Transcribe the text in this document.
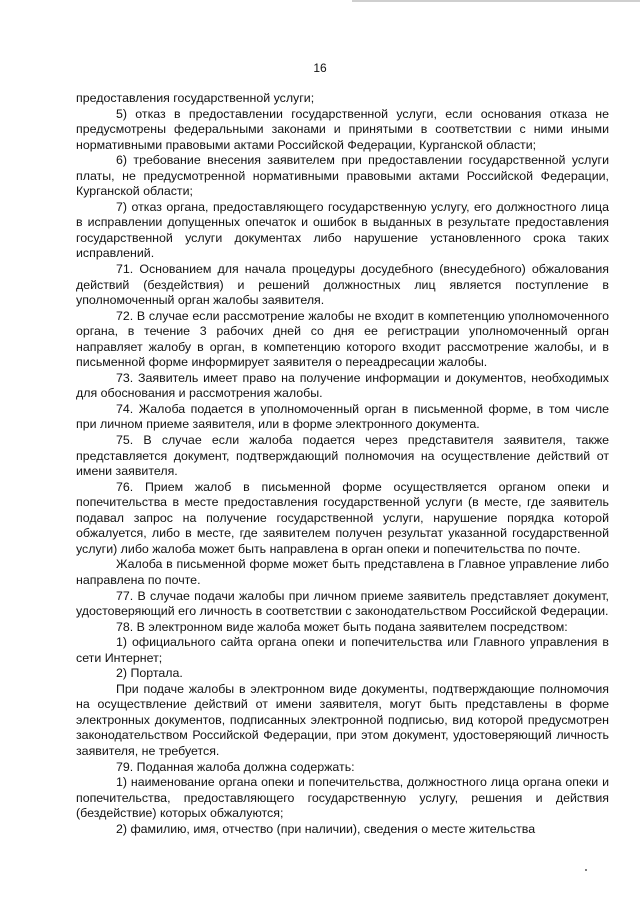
16

предоставления государственной услуги;

5) отказ в предоставлении государственной услуги, если основания отказа не предусмотрены федеральными законами и принятыми в соответствии с ними иными нормативными правовыми актами Российской Федерации, Курганской области;

6) требование внесения заявителем при предоставлении государственной услуги платы, не предусмотренной нормативными правовыми актами Российской Федерации, Курганской области;

7) отказ органа, предоставляющего государственную услугу, его должностного лица в исправлении допущенных опечаток и ошибок в выданных в результате предоставления государственной услуги документах либо нарушение установленного срока таких исправлений.

71. Основанием для начала процедуры досудебного (внесудебного) обжалования действий (бездействия) и решений должностных лиц является поступление в уполномоченный орган жалобы заявителя.

72. В случае если рассмотрение жалобы не входит в компетенцию уполномоченного органа, в течение 3 рабочих дней со дня ее регистрации уполномоченный орган направляет жалобу в орган, в компетенцию которого входит рассмотрение жалобы, и в письменной форме информирует заявителя о переадресации жалобы.

73. Заявитель имеет право на получение информации и документов, необходимых для обоснования и рассмотрения жалобы.

74. Жалоба подается в уполномоченный орган в письменной форме, в том числе при личном приеме заявителя, или в форме электронного документа.

75. В случае если жалоба подается через представителя заявителя, также представляется документ, подтверждающий полномочия на осуществление действий от имени заявителя.

76. Прием жалоб в письменной форме осуществляется органом опеки и попечительства в месте предоставления государственной услуги (в месте, где заявитель подавал запрос на получение государственной услуги, нарушение порядка которой обжалуется, либо в месте, где заявителем получен результат указанной государственной услуги) либо жалоба может быть направлена в орган опеки и попечительства по почте.

Жалоба в письменной форме может быть представлена в Главное управление либо направлена по почте.

77. В случае подачи жалобы при личном приеме заявитель представляет документ, удостоверяющий его личность в соответствии с законодательством Российской Федерации.

78. В электронном виде жалоба может быть подана заявителем посредством:

1) официального сайта органа опеки и попечительства или Главного управления в сети Интернет;

2) Портала.

При подаче жалобы в электронном виде документы, подтверждающие полномочия на осуществление действий от имени заявителя, могут быть представлены в форме электронных документов, подписанных электронной подписью, вид которой предусмотрен законодательством Российской Федерации, при этом документ, удостоверяющий личность заявителя, не требуется.

79. Поданная жалоба должна содержать:

1) наименование органа опеки и попечительства, должностного лица органа опеки и попечительства, предоставляющего государственную услугу, решения и действия (бездействие) которых обжалуются;

2) фамилию, имя, отчество (при наличии), сведения о месте жительства
